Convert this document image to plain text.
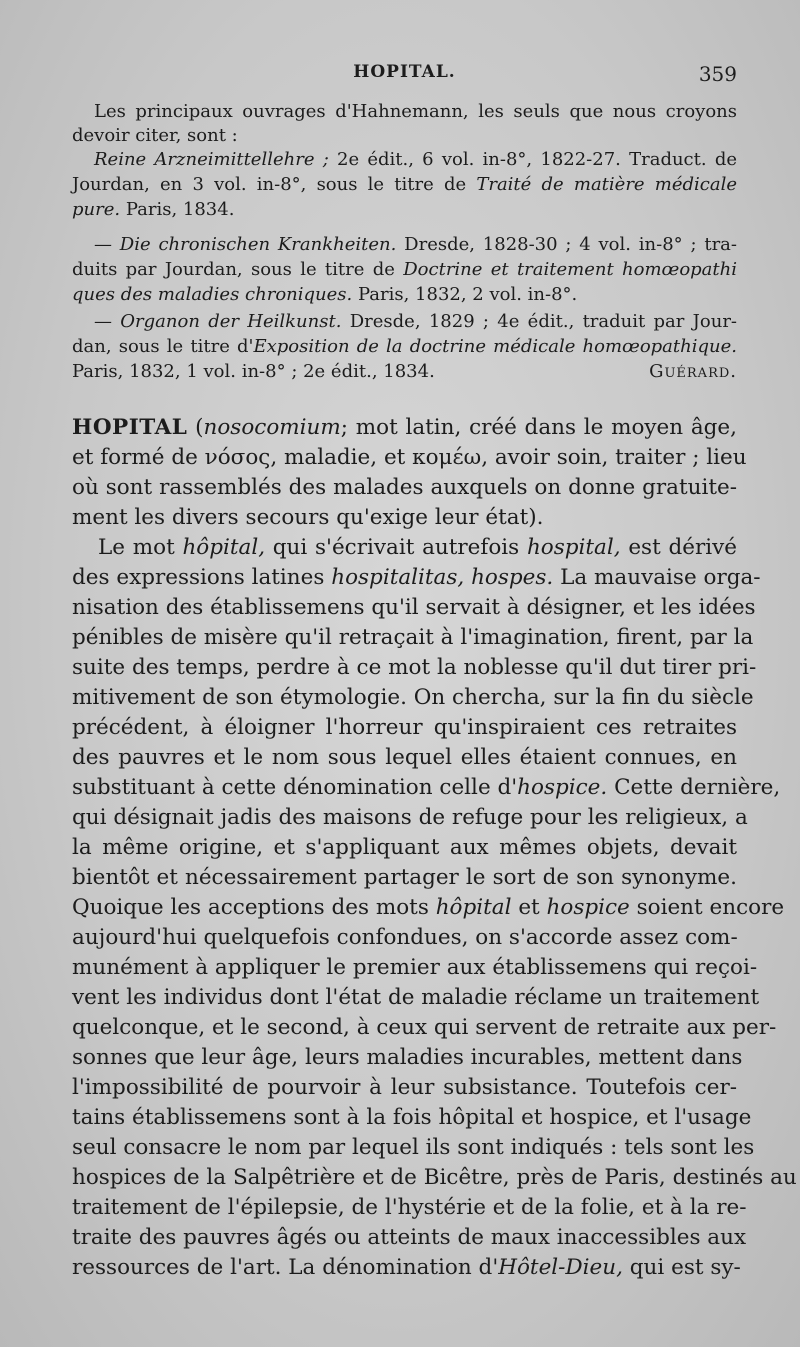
HOPITAL.	359
Les principaux ouvrages d'Hahnemann, les seuls que nous croyons
devoir citer, sont :
Reine Arzneimittellehre ; 2e édit., 6 vol. in-8°, 1822-27. Traduct. de
Jourdan, en 3 vol. in-8°, sous le titre de Traité de matière médicale
pure. Paris, 1834.
— Die chronischen Krankheiten. Dresde, 1828-30 ; 4 vol. in-8° ; tra-
duits par Jourdan, sous le titre de Doctrine et traitement homœopathi
ques des maladies chroniques. Paris, 1832, 2 vol. in-8°.
— Organon der Heilkunst. Dresde, 1829 ; 4e édit., traduit par Jour-
dan, sous le titre d'Exposition de la doctrine médicale homœopathique.
Paris, 1832, 1 vol. in-8° ; 2e édit., 1834.	Guérard.
HOPITAL (nosocomium; mot latin, créé dans le moyen âge,
et formé de νόσος, maladie, et κομέω, avoir soin, traiter ; lieu
où sont rassemblés des malades auxquels on donne gratuite-
ment les divers secours qu'exige leur état).
Le mot hôpital, qui s'écrivait autrefois hospital, est dérivé
des expressions latines hospitalitas, hospes. La mauvaise orga-
nisation des établissemens qu'il servait à désigner, et les idées
pénibles de misère qu'il retraçait à l'imagination, firent, par la
suite des temps, perdre à ce mot la noblesse qu'il dut tirer pri-
mitivement de son étymologie. On chercha, sur la fin du siècle
précédent, à éloigner l'horreur qu'inspiraient ces retraites
des pauvres et le nom sous lequel elles étaient connues, en
substituant à cette dénomination celle d'hospice. Cette dernière,
qui désignait jadis des maisons de refuge pour les religieux, a
la même origine, et s'appliquant aux mêmes objets, devait
bientôt et nécessairement partager le sort de son synonyme.
Quoique les acceptions des mots hôpital et hospice soient encore
aujourd'hui quelquefois confondues, on s'accorde assez com-
munément à appliquer le premier aux établissemens qui reçoi-
vent les individus dont l'état de maladie réclame un traitement
quelconque, et le second, à ceux qui servent de retraite aux per-
sonnes que leur âge, leurs maladies incurables, mettent dans
l'impossibilité de pourvoir à leur subsistance. Toutefois cer-
tains établissemens sont à la fois hôpital et hospice, et l'usage
seul consacre le nom par lequel ils sont indiqués : tels sont les
hospices de la Salpêtrière et de Bicêtre, près de Paris, destinés au
traitement de l'épilepsie, de l'hystérie et de la folie, et à la re-
traite des pauvres âgés ou atteints de maux inaccessibles aux
ressources de l'art. La dénomination d'Hôtel-Dieu, qui est sy-
